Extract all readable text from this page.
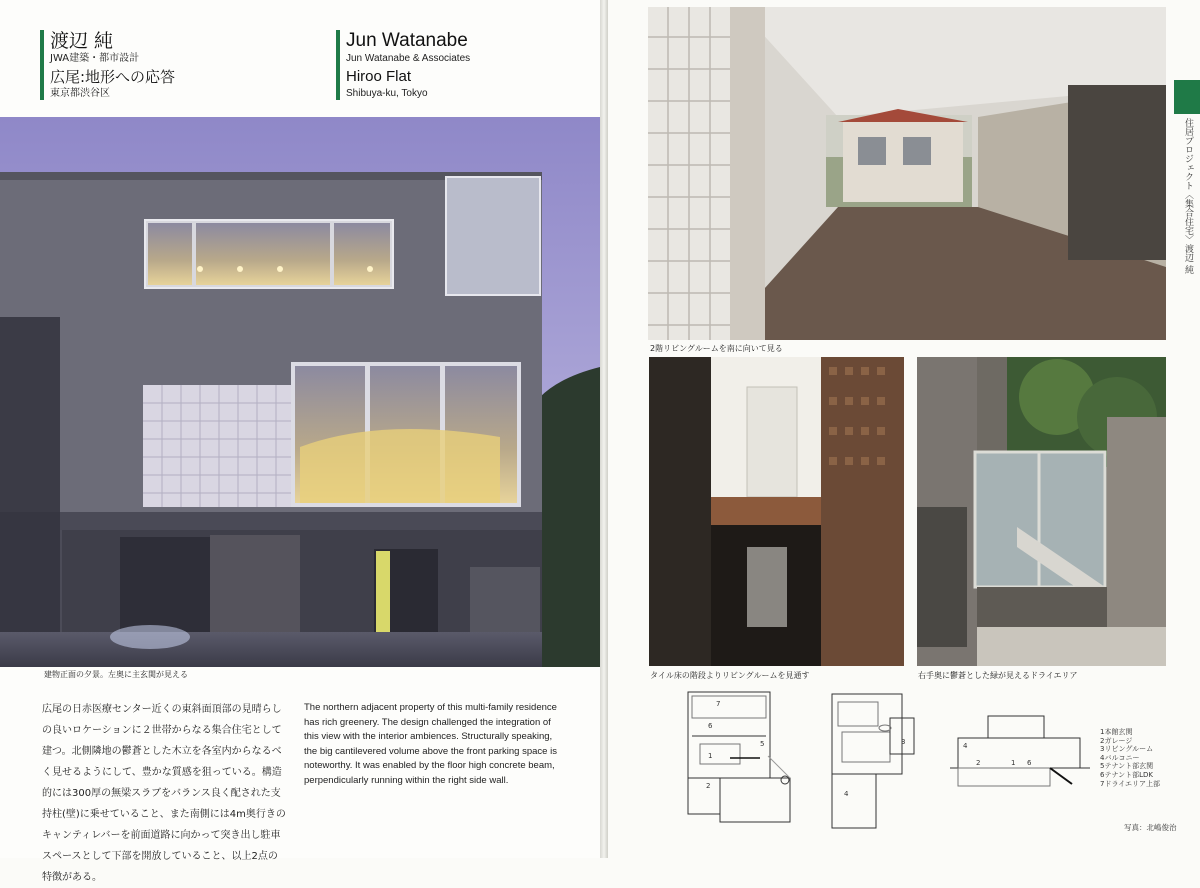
渡辺 純
JWA建築・都市設計
広尾:地形への応答
東京都渋谷区
Jun Watanabe
Jun Watanabe & Associates
Hiroo Flat
Shibuya-ku, Tokyo
建物正面の夕景。左奥に主玄関が見える
広尾の日赤医療センター近くの東斜面頂部の見晴らしの良いロケーションに２世帯からなる集合住宅として建つ。北側隣地の鬱蒼とした木立を各室内からなるべく見せるようにして、豊かな質感を狙っている。構造的には300厚の無梁スラブをバランス良く配された支持柱(壁)に乗せていること、また南側には4m奥行きのキャンティレバーを前面道路に向かって突き出し駐車スペースとして下部を開放していること、以上2点の特徴がある。
The northern adjacent property of this multi-family residence has rich greenery. The design challenged the integration of this view with the interior ambiences. Structurally speaking, the big cantilevered volume above the front parking space is noteworthy. It was enabled by the floor high concrete beam, perpendicularly running within the right side wall.
住居プロジェクト〈集合住宅〉渡辺 純
2階リビングルームを南に向いて見る
タイル床の階段よりリビングルームを見通す	右手奥に鬱蒼とした緑が見えるドライエリア
7
6
5
1
2
3
4
4
2	1 6
1本館玄関
2ガレージ
3リビングルーム
4バルコニー
5テナント部玄関
6テナント部LDK
7ドライエリア上部
写真：北嶋俊治
